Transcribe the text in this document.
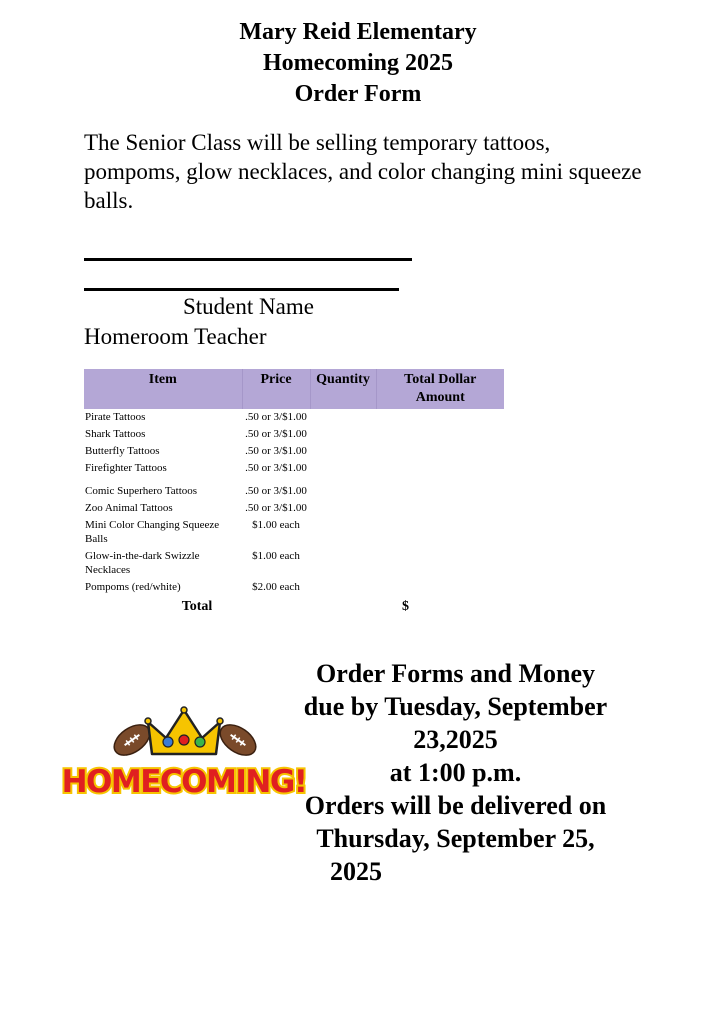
Mary Reid Elementary
Homecoming 2025
Order Form
The Senior Class will be selling temporary tattoos, pompoms, glow necklaces, and color changing mini squeeze balls.
Student Name
Homeroom Teacher
Item	Price	Quantity	Total Dollar Amount
Pirate Tattoos	.50 or 3/$1.00		
Shark Tattoos	.50 or 3/$1.00		
Butterfly Tattoos	.50 or 3/$1.00		
Firefighter Tattoos	.50 or 3/$1.00		
Comic Superhero Tattoos	.50 or 3/$1.00		
Zoo Animal Tattoos	.50 or 3/$1.00		
Mini Color Changing Squeeze Balls	$1.00 each		
Glow-in-the-dark Swizzle Necklaces	$1.00 each		
Pompoms (red/white)	$2.00 each		
Total			$
HOMECOMING!
Order Forms and Money
due by Tuesday, September
23,2025
at 1:00 p.m.
Orders will be delivered on
Thursday, September 25,
2025
